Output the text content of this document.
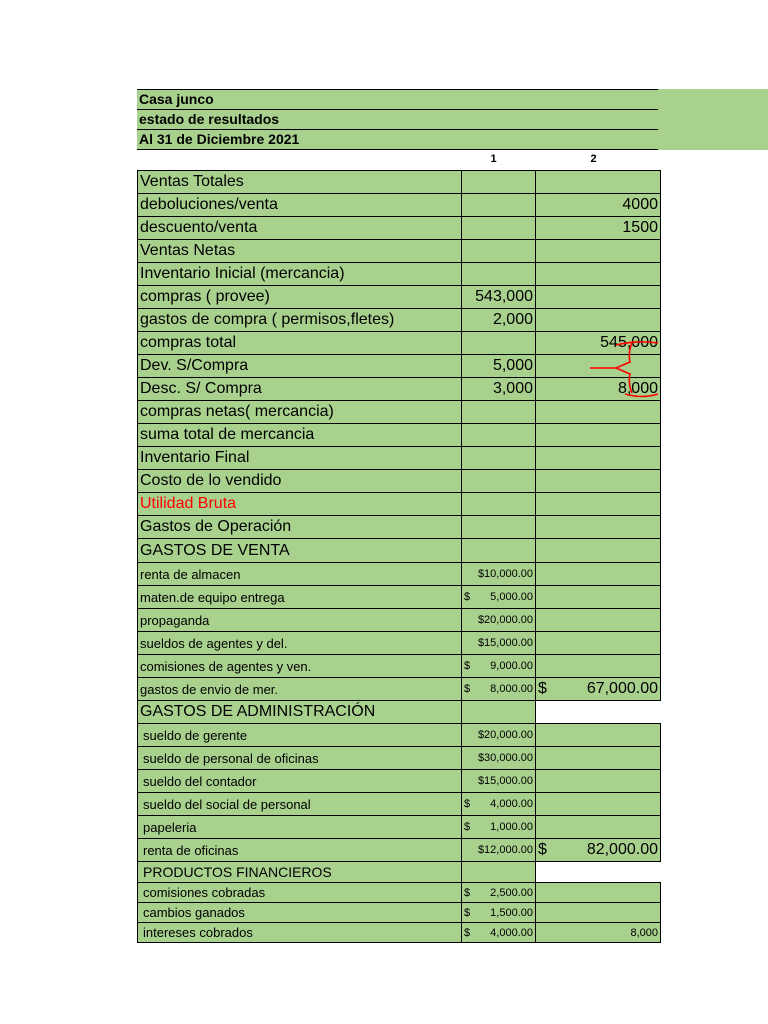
Casa junco
estado de resultados
Al 31 de Diciembre 2021
1	2
Ventas Totales		
deboluciones/venta		4000
descuento/venta		1500
Ventas Netas		
Inventario Inicial (mercancia)		
compras ( provee)	543,000	
gastos de compra ( permisos,fletes)	2,000	
compras total		545,000
Dev. S/Compra	5,000	
Desc. S/ Compra	3,000	8,000
compras netas( mercancia)		
suma total de mercancia		
Inventario Final		
Costo de lo vendido		
Utilidad Bruta		
Gastos de Operación		
GASTOS DE VENTA		
renta de almacen	$10,000.00	

maten.de equipo entrega	$ 5,000.00	

propaganda	$20,000.00	

sueldos de agentes y del.	$15,000.00	

comisiones de agentes y ven.	$ 9,000.00	

gastos de envio de mer.	$ 8,000.00	$ 67,000.00

GASTOS DE ADMINISTRACIÓN		
sueldo de gerente	$20,000.00	

sueldo de personal de oficinas	$30,000.00	

sueldo del contador	$15,000.00	

sueldo del social de personal	$ 4,000.00	

papeleria	$ 1,000.00	

renta de oficinas	$12,000.00	$ 82,000.00

PRODUCTOS FINANCIEROS		
comisiones cobradas	$ 2,500.00	

cambios ganados	$ 1,500.00	

intereses cobrados	$ 4,000.00	8,000
